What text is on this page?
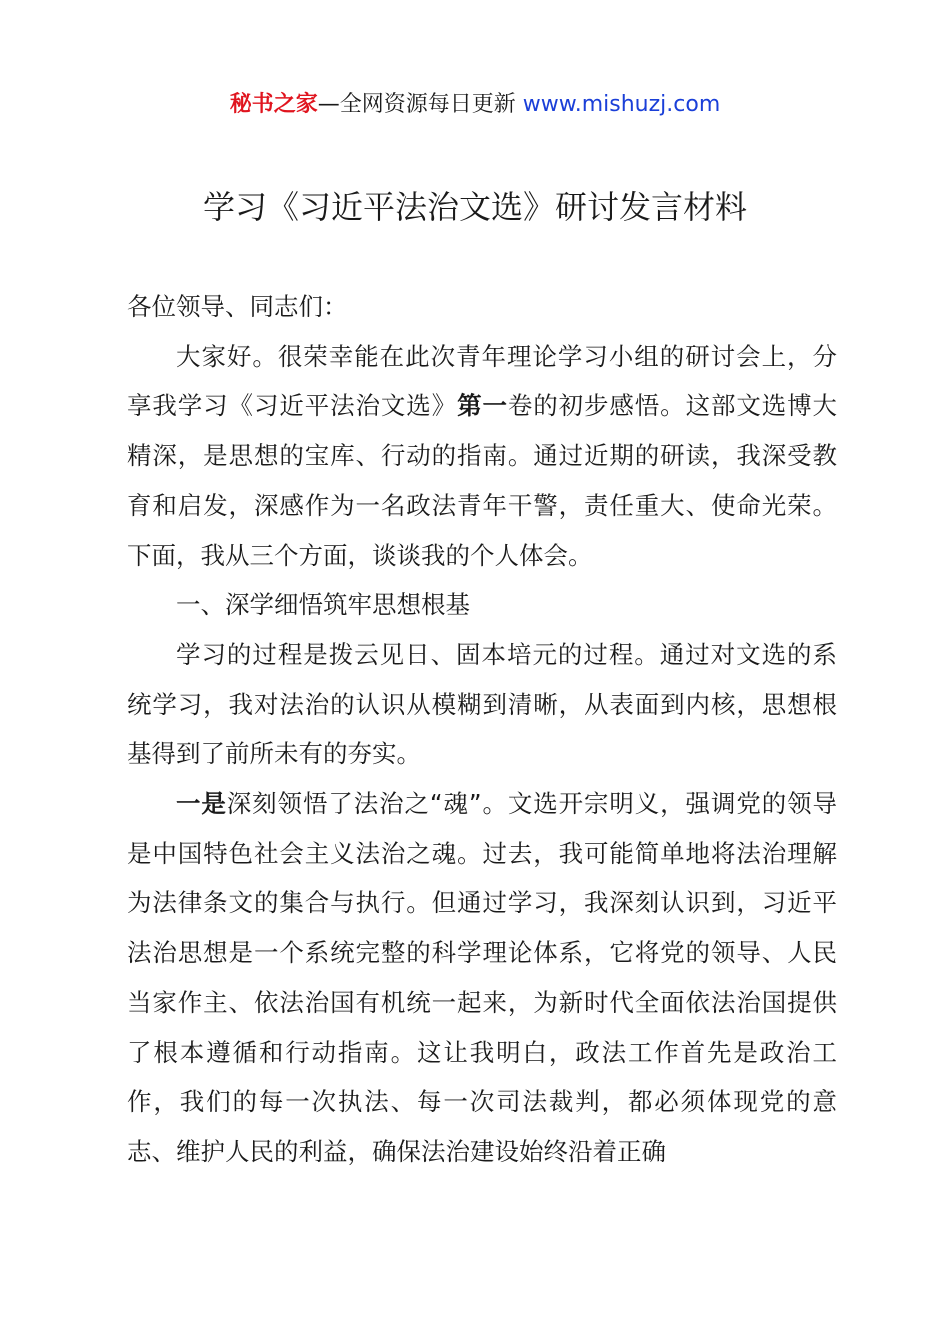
秘书之家—全网资源每日更新 www.mishuzj.com
学习《习近平法治文选》研讨发言材料

各位领导、同志们：

大家好。很荣幸能在此次青年理论学习小组的研讨会上，分享我学习《习近平法治文选》第一卷的初步感悟。这部文选博大精深，是思想的宝库、行动的指南。通过近期的研读，我深受教育和启发，深感作为一名政法青年干警，责任重大、使命光荣。下面，我从三个方面，谈谈我的个人体会。

一、深学细悟筑牢思想根基

学习的过程是拨云见日、固本培元的过程。通过对文选的系统学习，我对法治的认识从模糊到清晰，从表面到内核，思想根基得到了前所未有的夯实。

一是深刻领悟了法治之“魂”。文选开宗明义，强调党的领导是中国特色社会主义法治之魂。过去，我可能简单地将法治理解为法律条文的集合与执行。但通过学习，我深刻认识到，习近平法治思想是一个系统完整的科学理论体系，它将党的领导、人民当家作主、依法治国有机统一起来，为新时代全面依法治国提供了根本遵循和行动指南。这让我明白，政法工作首先是政治工作，我们的每一次执法、每一次司法裁判，都必须体现党的意志、维护人民的利益，确保法治建设始终沿着正确
